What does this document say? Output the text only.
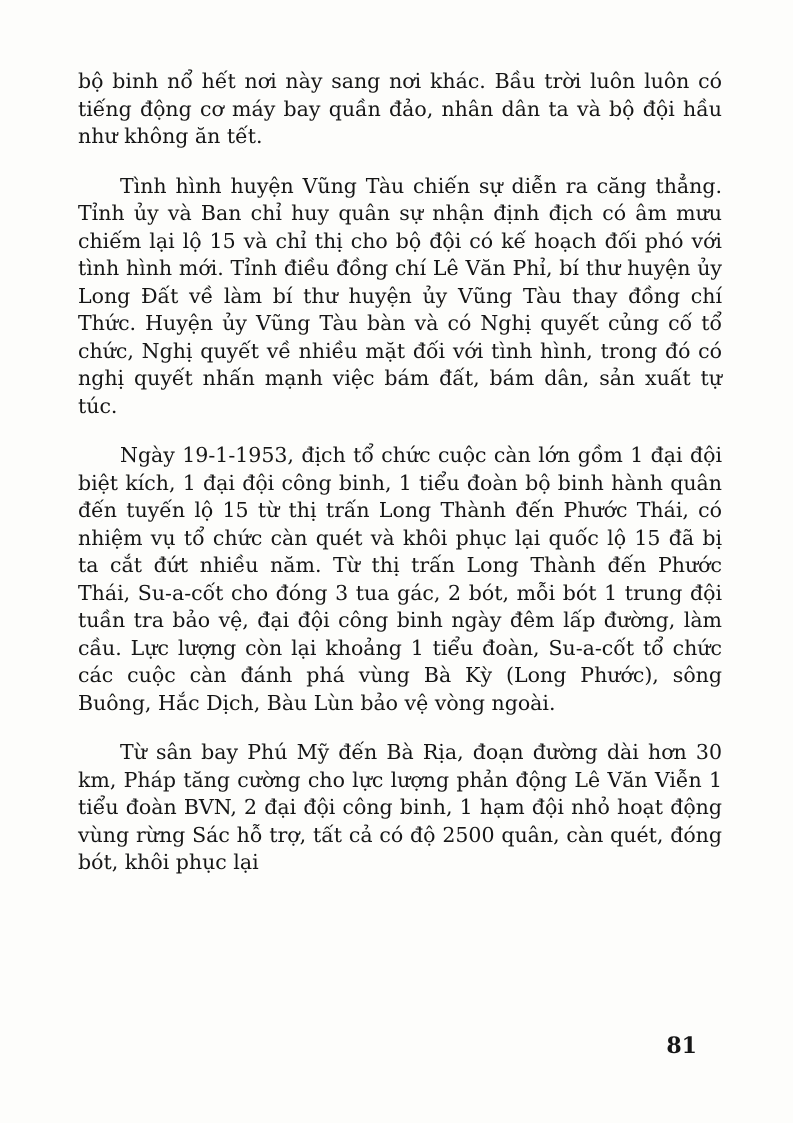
bộ binh nổ hết nơi này sang nơi khác. Bầu trời luôn luôn có tiếng động cơ máy bay quần đảo, nhân dân ta và bộ đội hầu như không ăn tết.

Tình hình huyện Vũng Tàu chiến sự diễn ra căng thẳng. Tỉnh ủy và Ban chỉ huy quân sự nhận định địch có âm mưu chiếm lại lộ 15 và chỉ thị cho bộ đội có kế hoạch đối phó với tình hình mới. Tỉnh điều đồng chí Lê Văn Phỉ, bí thư huyện ủy Long Đất về làm bí thư huyện ủy Vũng Tàu thay đồng chí Thức. Huyện ủy Vũng Tàu bàn và có Nghị quyết củng cố tổ chức, Nghị quyết về nhiều mặt đối với tình hình, trong đó có nghị quyết nhấn mạnh việc bám đất, bám dân, sản xuất tự túc.

Ngày 19-1-1953, địch tổ chức cuộc càn lớn gồm 1 đại đội biệt kích, 1 đại đội công binh, 1 tiểu đoàn bộ binh hành quân đến tuyến lộ 15 từ thị trấn Long Thành đến Phước Thái, có nhiệm vụ tổ chức càn quét và khôi phục lại quốc lộ 15 đã bị ta cắt đứt nhiều năm. Từ thị trấn Long Thành đến Phước Thái, Su-a-cốt cho đóng 3 tua gác, 2 bót, mỗi bót 1 trung đội tuần tra bảo vệ, đại đội công binh ngày đêm lấp đường, làm cầu. Lực lượng còn lại khoảng 1 tiểu đoàn, Su-a-cốt tổ chức các cuộc càn đánh phá vùng Bà Kỳ (Long Phước), sông Buông, Hắc Dịch, Bàu Lùn bảo vệ vòng ngoài.

Từ sân bay Phú Mỹ đến Bà Rịa, đoạn đường dài hơn 30 km, Pháp tăng cường cho lực lượng phản động Lê Văn Viễn 1 tiểu đoàn BVN, 2 đại đội công binh, 1 hạm đội nhỏ hoạt động vùng rừng Sác hỗ trợ, tất cả có độ 2500 quân, càn quét, đóng bót, khôi phục lại

81
